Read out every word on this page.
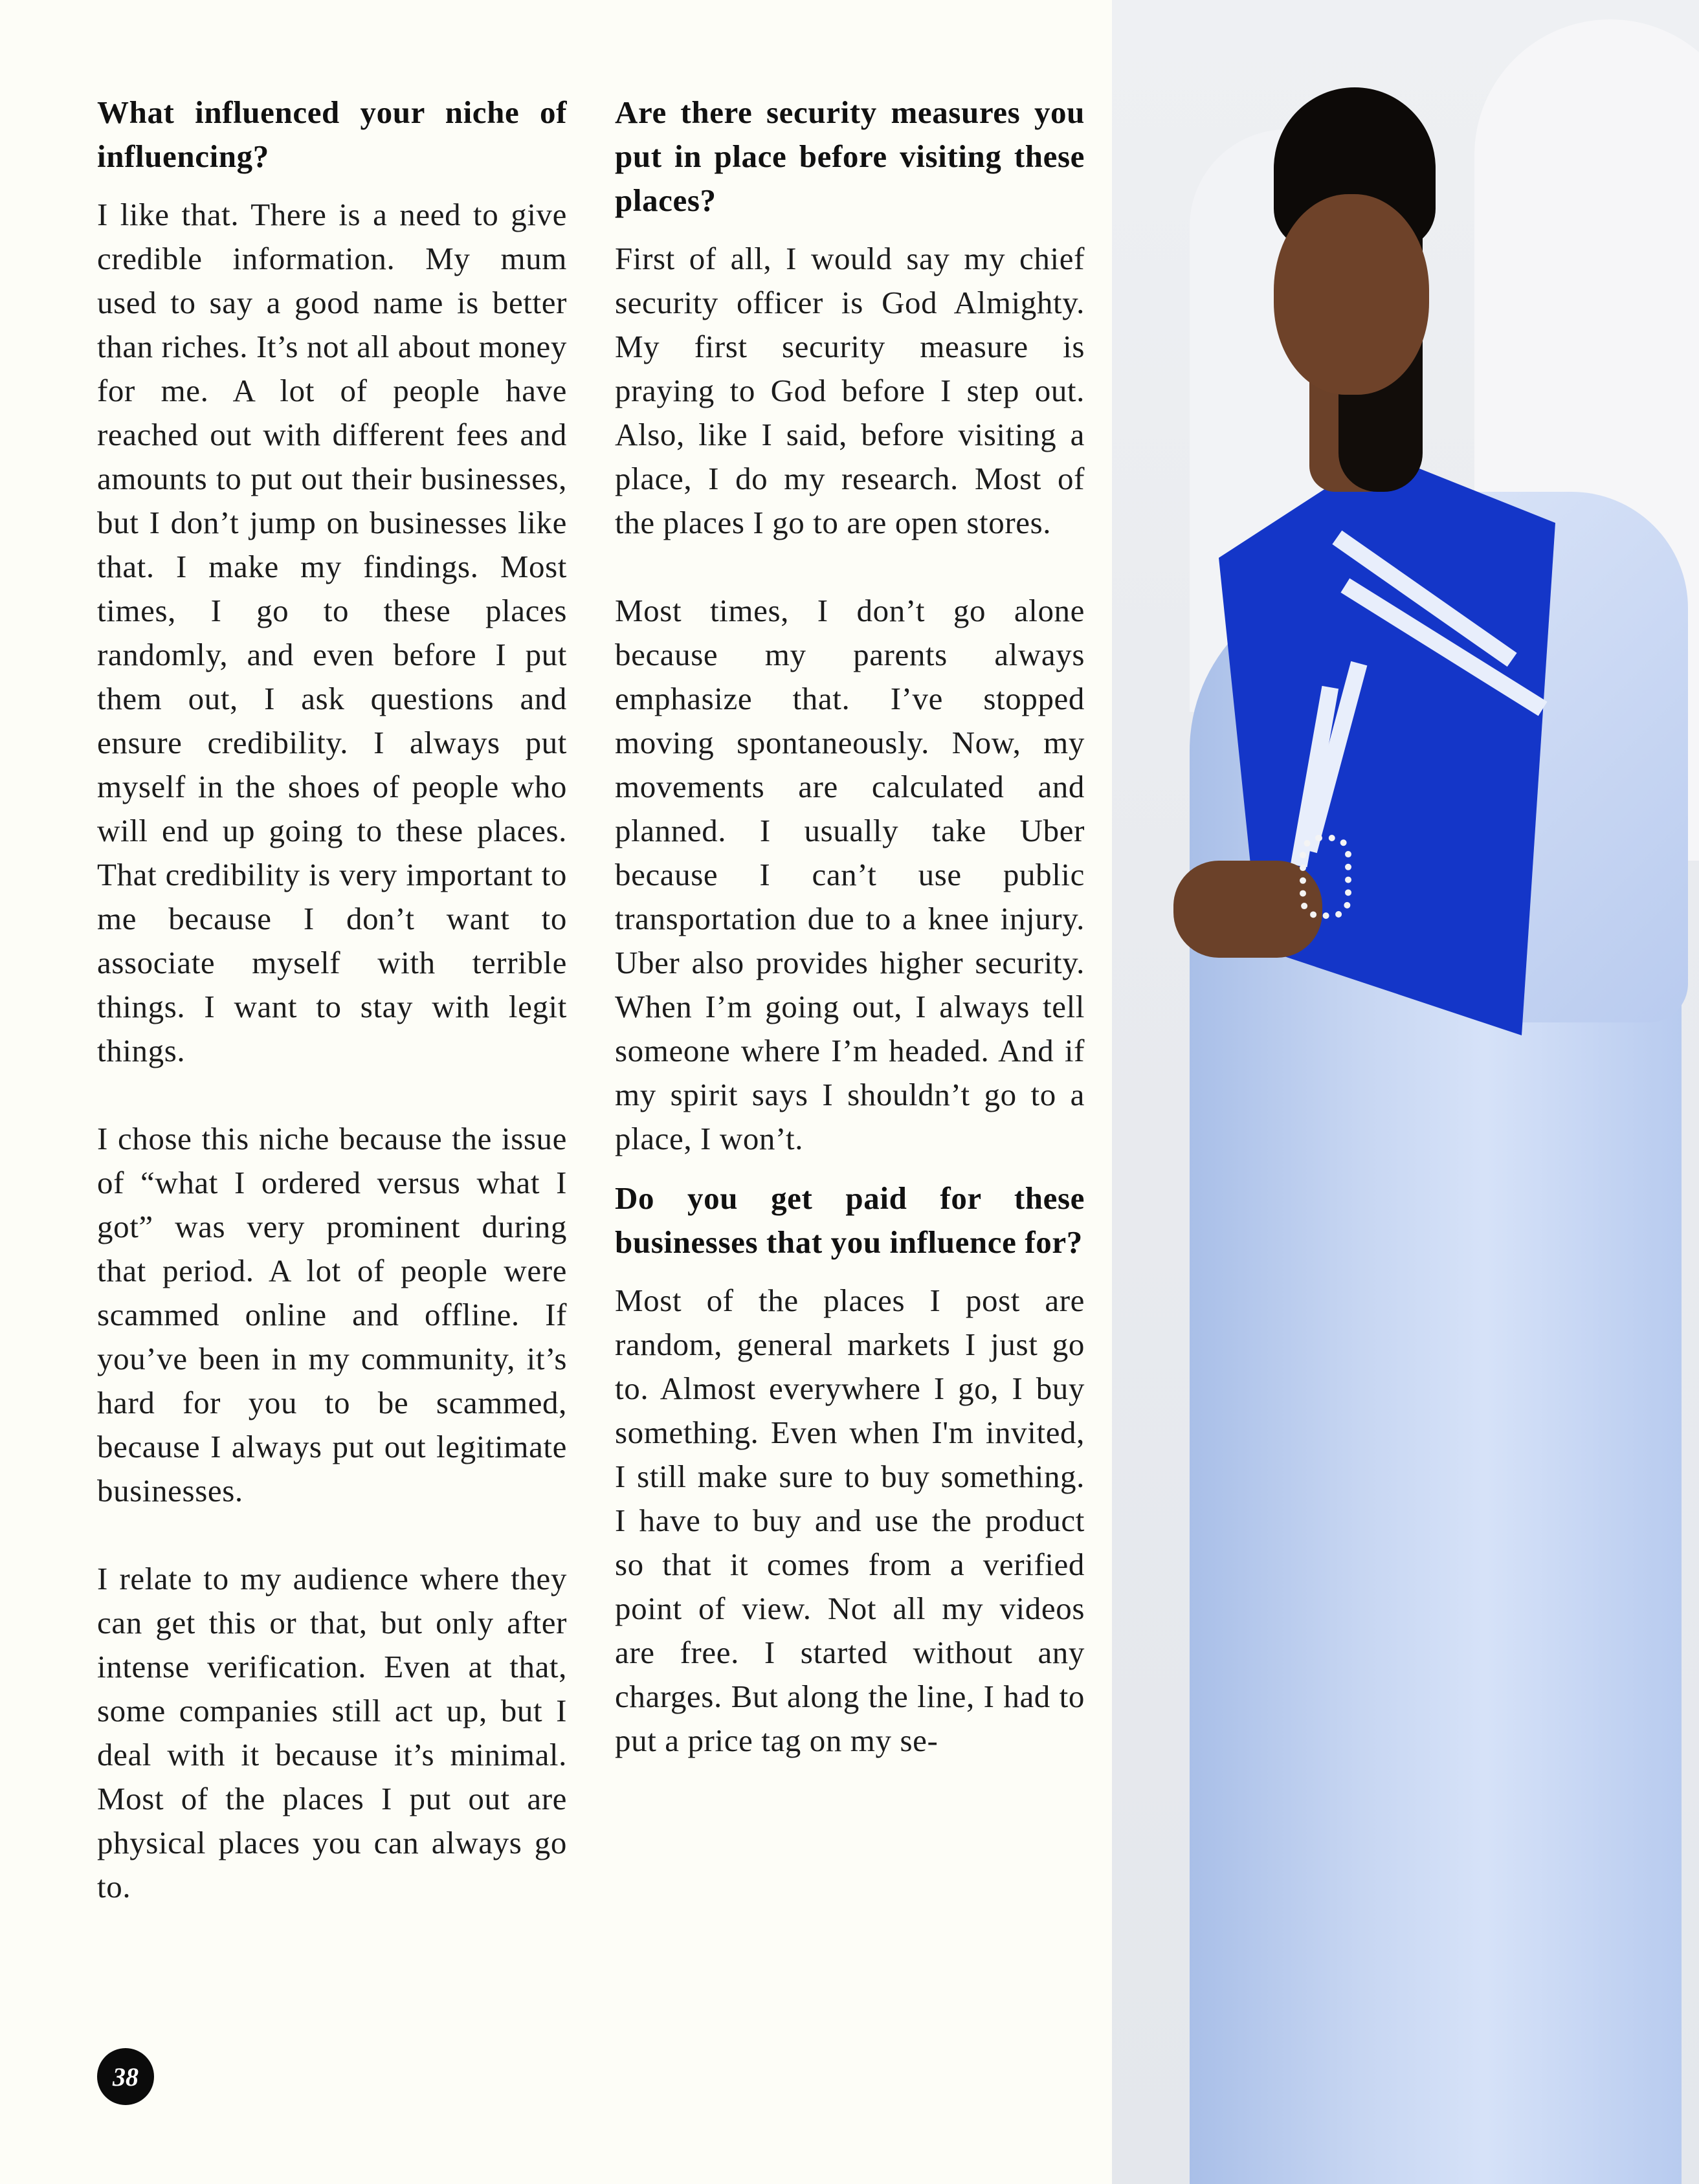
What influenced your niche of influencing?

I like that. There is a need to give credible information. My mum used to say a good name is better than riches. It’s not all about money for me. A lot of people have reached out with different fees and amounts to put out their businesses, but I don’t jump on businesses like that. I make my findings. Most times, I go to these places randomly, and even before I put them out, I ask questions and ensure credibility. I always put myself in the shoes of people who will end up going to these places. That credibility is very important to me because I don’t want to associate myself with terrible things. I want to stay with legit things.

I chose this niche because the issue of “what I ordered versus what I got” was very prominent during that period. A lot of people were scammed online and offline. If you’ve been in my community, it’s hard for you to be scammed, because I always put out legitimate businesses.

I relate to my audience where they can get this or that, but only after intense verification. Even at that, some companies still act up, but I deal with it because it’s minimal. Most of the places I put out are physical places you can always go to.

Are there security measures you put in place before visiting these places?

First of all, I would say my chief security officer is God Almighty. My first security measure is praying to God before I step out. Also, like I said, before visiting a place, I do my research. Most of the places I go to are open stores.

Most times, I don’t go alone because my parents always emphasize that. I’ve stopped moving spontaneously. Now, my movements are calculated and planned. I usually take Uber because I can’t use public transportation due to a knee injury. Uber also provides higher security. When I’m going out, I always tell someone where I’m headed. And if my spirit says I shouldn’t go to a place, I won’t.

Do you get paid for these businesses that you influence for?

Most of the places I post are random, general markets I just go to. Almost everywhere I go, I buy something. Even when I'm invited, I still make sure to buy something. I have to buy and use the product so that it comes from a verified point of view. Not all my videos are free. I started without any charges. But along the line, I had to put a price tag on my se-

38
